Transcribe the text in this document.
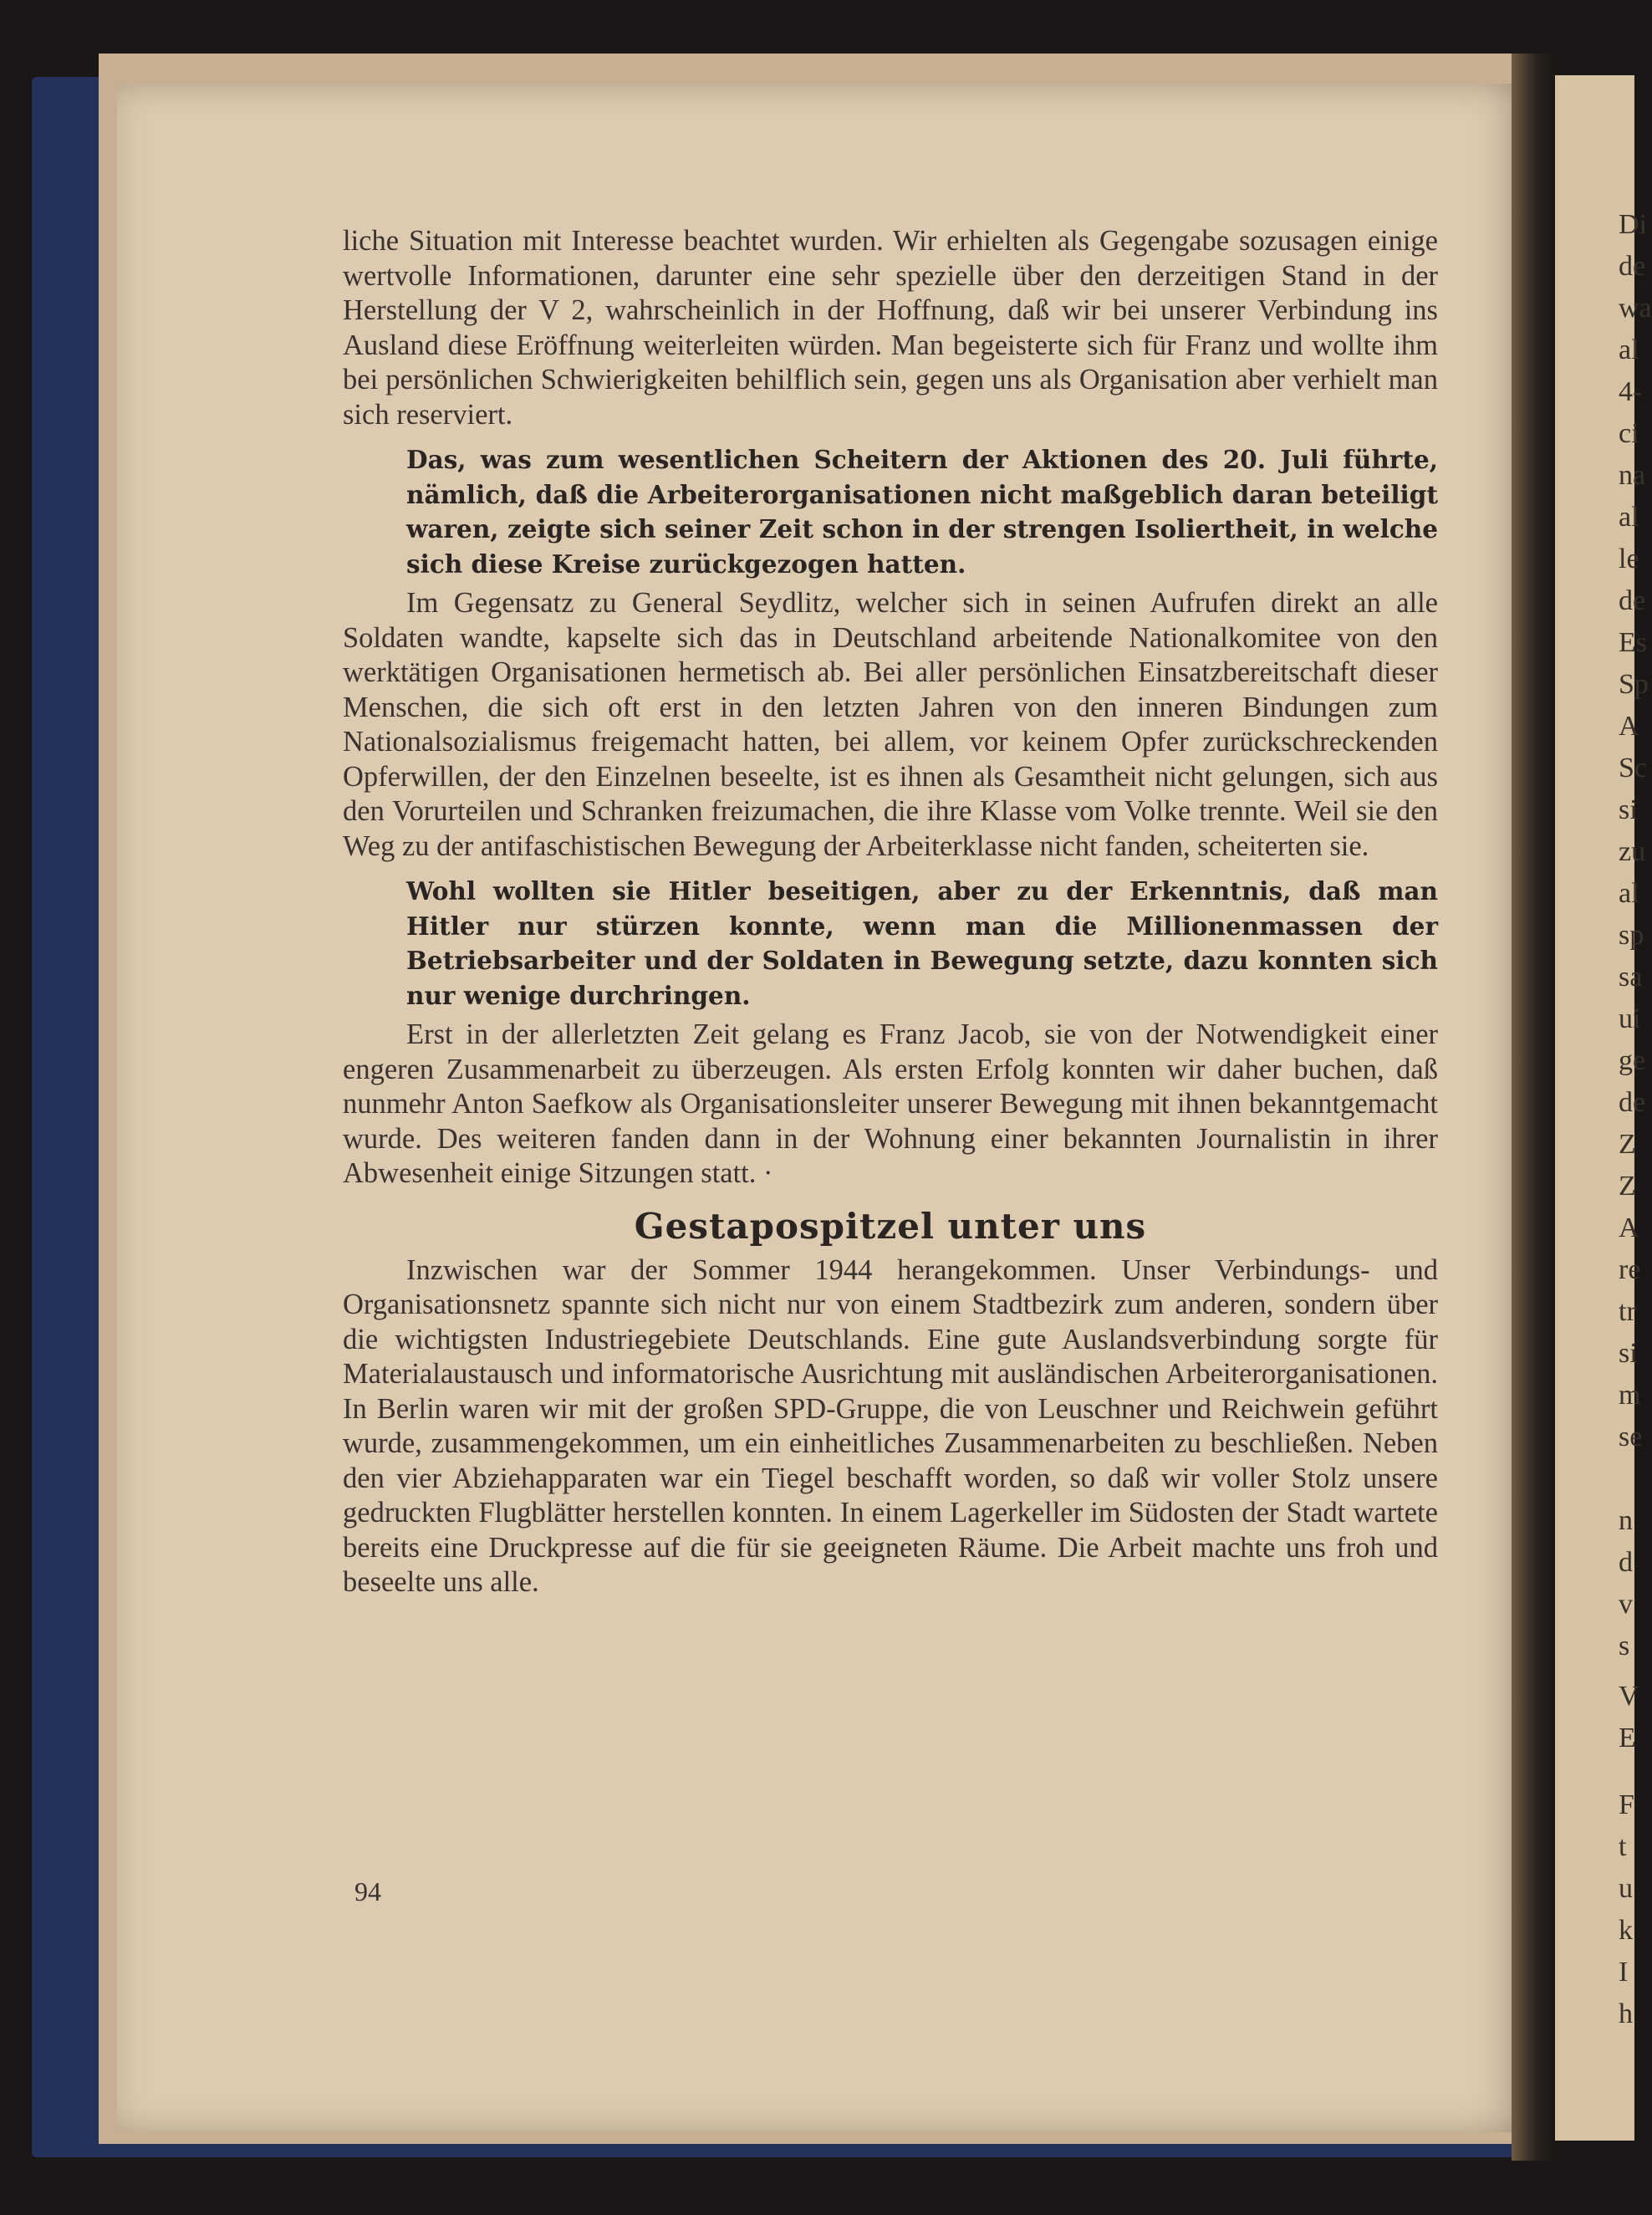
Di

de

wa

al

4-

ci

na

al

le

de

Es

Sp

A

Sc

si

zu

al

sp

sa

ui

ge

de

Z

Z

A

re

tr

si

m

se

n

d

v

s

V

E

F

t

u

k

I

h

liche Situation mit Interesse beachtet wurden. Wir erhielten als Gegengabe sozusagen einige wertvolle Informationen, darunter eine sehr spezielle über den derzeitigen Stand in der Herstellung der V 2, wahrscheinlich in der Hoffnung, daß wir bei unserer Verbindung ins Ausland diese Eröffnung weiterleiten würden. Man begeisterte sich für Franz und wollte ihm bei persönlichen Schwierigkeiten behilflich sein, gegen uns als Organisation aber verhielt man sich reserviert.

Das, was zum wesentlichen Scheitern der Aktionen des 20. Juli führte, nämlich, daß die Arbeiterorganisationen nicht maßgeblich daran beteiligt waren, zeigte sich seiner Zeit schon in der strengen Isoliertheit, in welche sich diese Kreise zurückgezogen hatten.

Im Gegensatz zu General Seydlitz, welcher sich in seinen Aufrufen direkt an alle Soldaten wandte, kapselte sich das in Deutschland arbeitende Nationalkomitee von den werktätigen Organisationen hermetisch ab. Bei aller persönlichen Einsatzbereitschaft dieser Menschen, die sich oft erst in den letzten Jahren von den inneren Bindungen zum Nationalsozialismus freigemacht hatten, bei allem, vor keinem Opfer zurückschreckenden Opferwillen, der den Einzelnen beseelte, ist es ihnen als Gesamtheit nicht gelungen, sich aus den Vorurteilen und Schranken freizumachen, die ihre Klasse vom Volke trennte. Weil sie den Weg zu der antifaschistischen Bewegung der Arbeiterklasse nicht fanden, scheiterten sie.

Wohl wollten sie Hitler beseitigen, aber zu der Erkenntnis, daß man Hitler nur stürzen konnte, wenn man die Millionenmassen der Betriebsarbeiter und der Soldaten in Bewegung setzte, dazu konnten sich nur wenige durchringen.

Erst in der allerletzten Zeit gelang es Franz Jacob, sie von der Notwendigkeit einer engeren Zusammenarbeit zu überzeugen. Als ersten Erfolg konnten wir daher buchen, daß nunmehr Anton Saefkow als Organisationsleiter unserer Bewegung mit ihnen bekanntgemacht wurde. Des weiteren fanden dann in der Wohnung einer bekannten Journalistin in ihrer Abwesenheit einige Sitzungen statt. ·

Gestapospitzel unter uns

Inzwischen war der Sommer 1944 herangekommen. Unser Verbindungs- und Organisationsnetz spannte sich nicht nur von einem Stadtbezirk zum anderen, sondern über die wichtigsten Industriegebiete Deutschlands. Eine gute Auslandsverbindung sorgte für Materialaustausch und informatorische Ausrichtung mit ausländischen Arbeiterorganisationen. In Berlin waren wir mit der großen SPD-Gruppe, die von Leuschner und Reichwein geführt wurde, zusammengekommen, um ein einheitliches Zusammenarbeiten zu beschließen. Neben den vier Abziehapparaten war ein Tiegel beschafft worden, so daß wir voller Stolz unsere gedruckten Flugblätter herstellen konnten. In einem Lagerkeller im Südosten der Stadt wartete bereits eine Druckpresse auf die für sie geeigneten Räume. Die Arbeit machte uns froh und beseelte uns alle.

94
